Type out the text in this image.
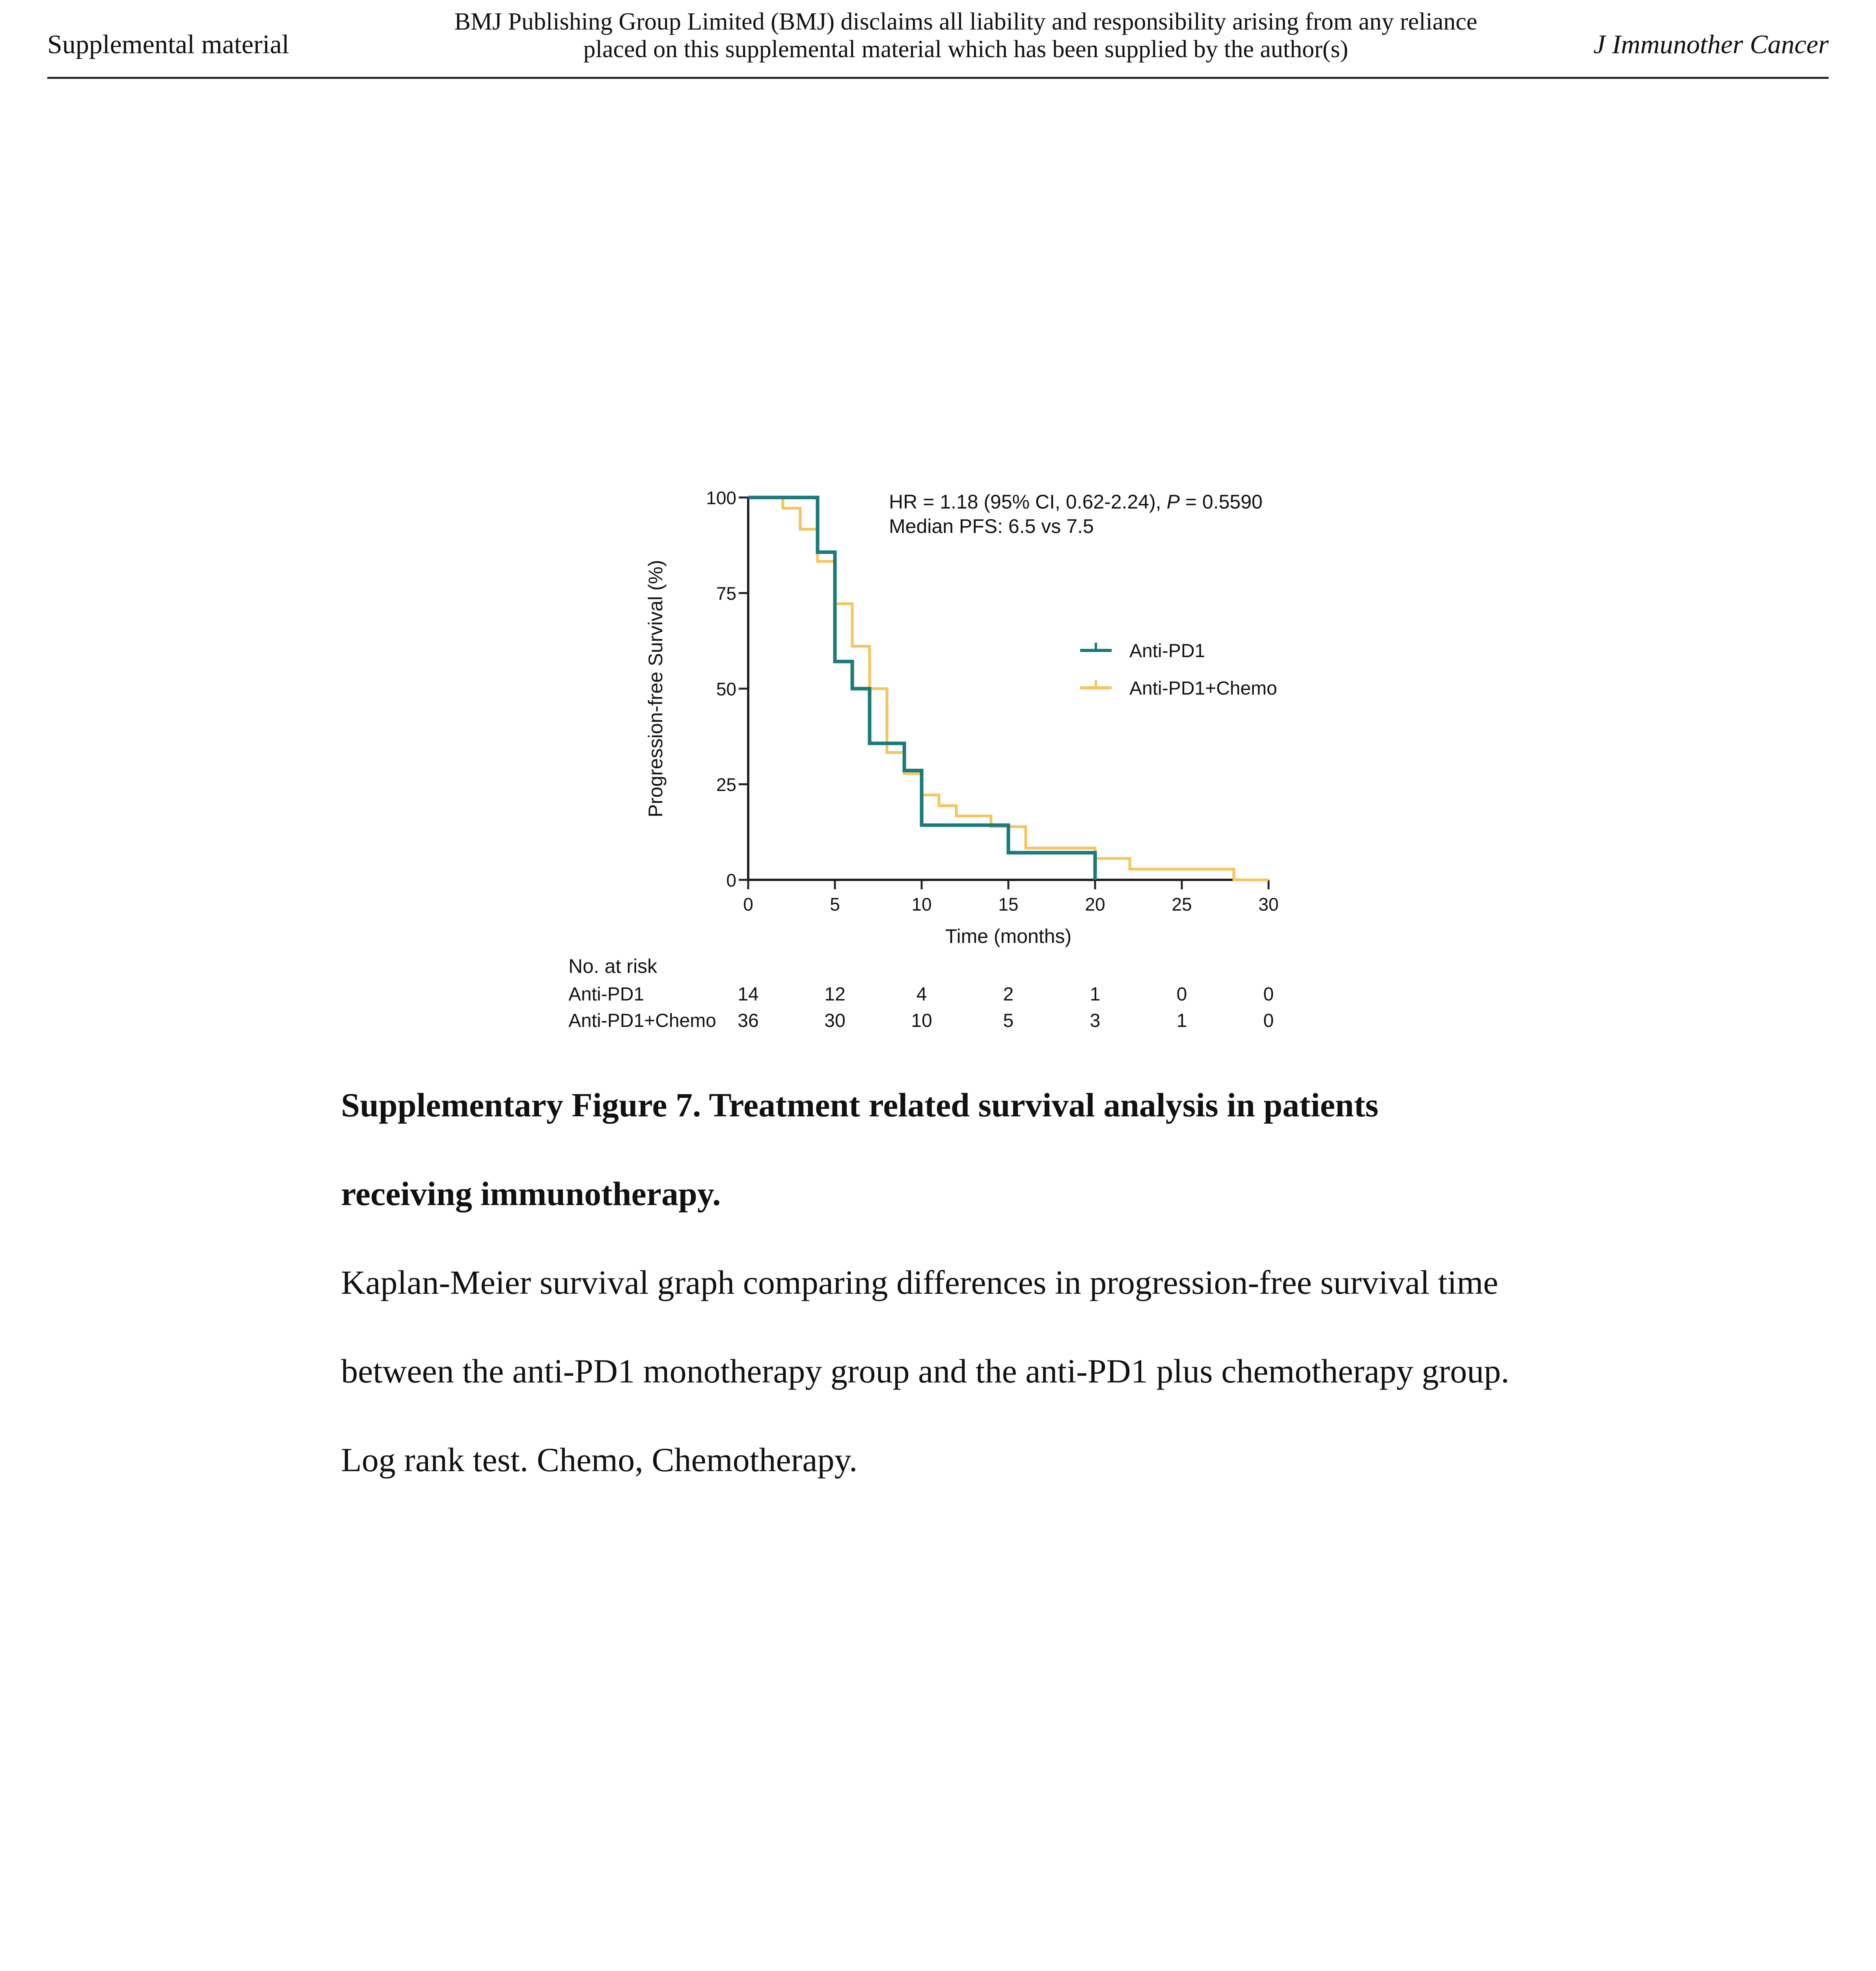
Supplemental material
BMJ Publishing Group Limited (BMJ) disclaims all liability and responsibility arising from any reliance
placed on this supplemental material which has been supplied by the author(s)	J Immunother Cancer
0
25
50
75
100
0	5	10	15	20	25	30
Progression-free Survival (%)
Time (months)
HR = 1.18 (95% CI, 0.62-2.24), P = 0.5590
Median PFS: 6.5 vs 7.5
Anti-PD1
Anti-PD1+Chemo
No. at risk
Anti-PD1	14	12	4	2	1	0	0
Anti-PD1+Chemo 36	30	10	5	3	1	0
Supplementary Figure 7. Treatment related survival analysis in patients
receiving immunotherapy.
Kaplan-Meier survival graph comparing differences in progression-free survival time
between the anti-PD1 monotherapy group and the anti-PD1 plus chemotherapy group.
Log rank test. Chemo, Chemotherapy.
